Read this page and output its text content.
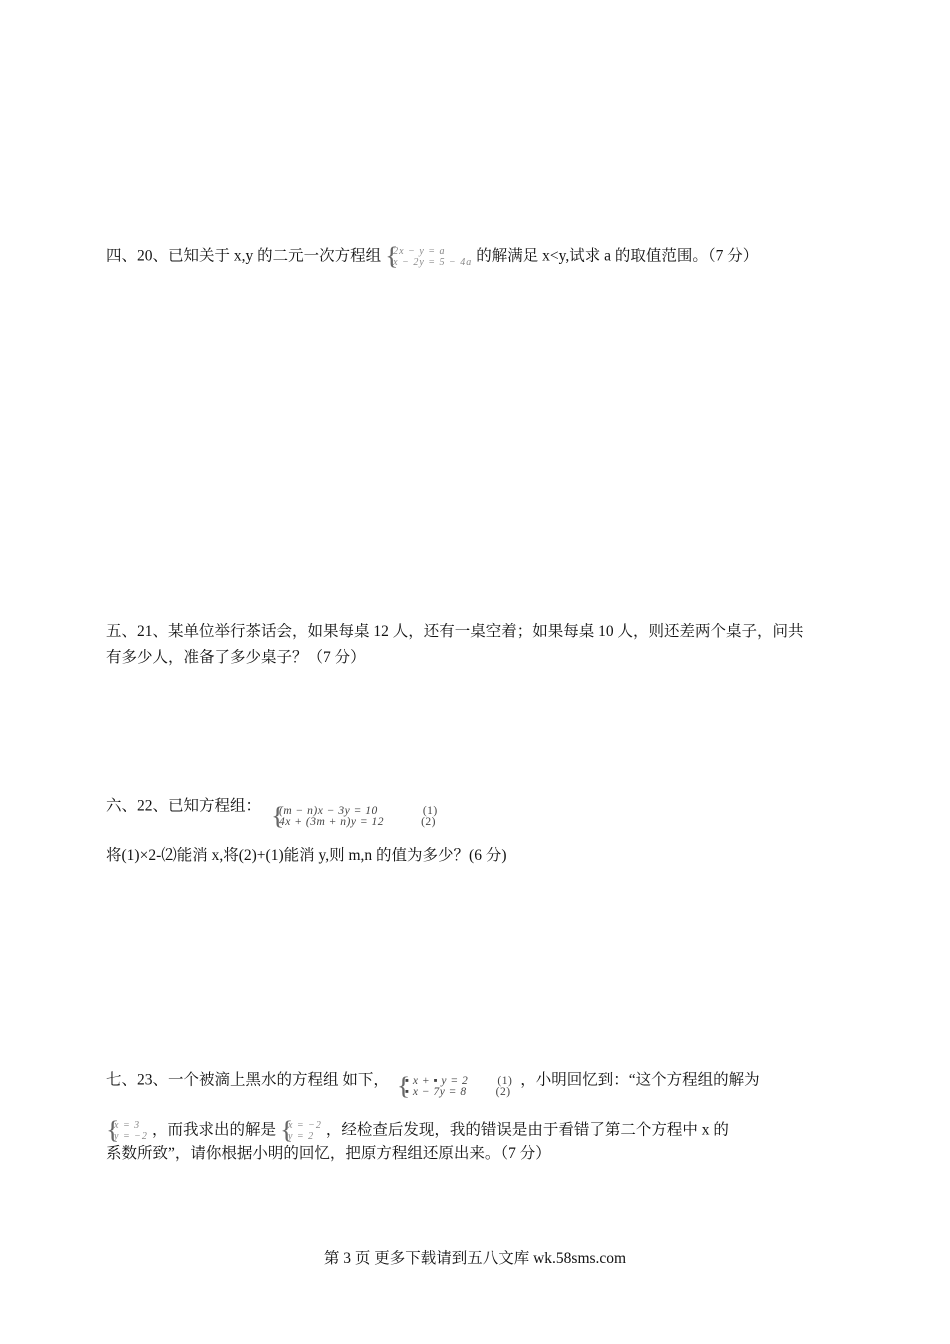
四、20、已知关于 x,y 的二元一次方程组 {
2x − y = a
x − 2y = 5 − 4a 的解满足 x<y,试求 a 的取值范围。（7 分）
五、21、某单位举行茶话会，如果每桌 12 人，还有一桌空着；如果每桌 10 人，则还差两个桌子，问共
有多少人，准备了多少桌子？（7 分）
六、22、已知方程组： {
(m − n)x − 3y = 10	(1)
4x + (3m + n)y = 12	(2)
将(1)×2-⑵能消 x,将(2)+(1)能消 y,则 m,n 的值为多少？(6 分)
七、23、一个被滴上黑水的方程组 如下， {
▪ x + ▪ y = 2	(1)
▪ x − 7y = 8	(2)
，小明回忆到：“这个方程组的解为
{
x = 3
y = −2 ，而我求出的解是 {
x = −2
y = 2 ，经检查后发现，我的错误是由于看错了第二个方程中 x 的
系数所致”，请你根据小明的回忆，把原方程组还原出来。（7 分）
第 3 页 更多下载请到五八文库 wk.58sms.com
